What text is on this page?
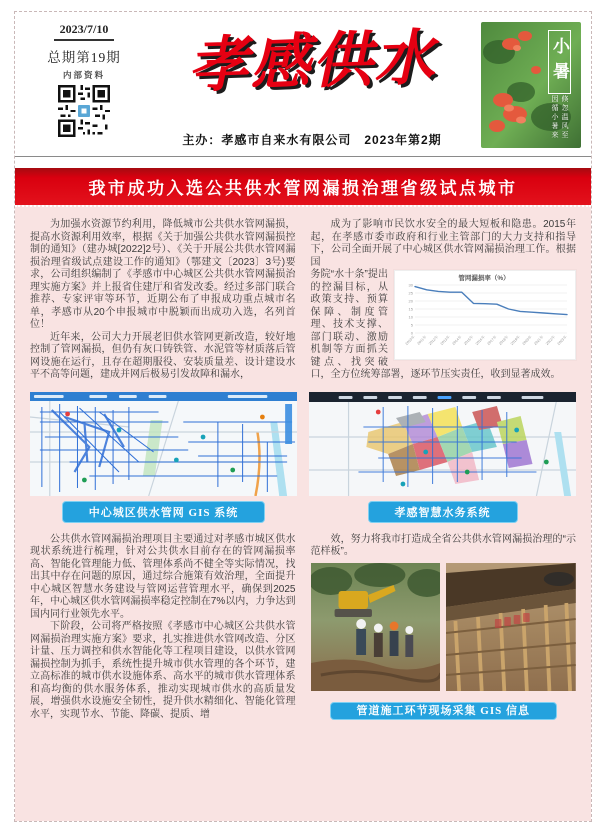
2023/7/10
总期第19期
内部资料 孝感供水
主办：孝感市自来水有限公司　2023年第2期
小暑
倏忽温风至
因循小暑来
我市成功入选公共供水管网漏损治理省级试点城市

为加强水资源节约利用，降低城市公共供水管网漏损，提高水资源利用效率，根据《关于加强公共供水管网漏损控制的通知》（建办城[2022]2号）、《关于开展公共供水管网漏损治理省级试点建设工作的通知》（鄂建文〔2023〕3号)要求，公司组织编制了《孝感市中心城区公共供水管网漏损治理实施方案》并上报省住建厅和省发改委。经过多部门联合推荐、专家评审等环节，近期公布了申报成功重点城市名单，孝感市从20个申报城市中脱颖而出成功入选，名列首位！

近年来，公司大力开展老旧供水管网更新改造，较好地控制了管网漏损，但仍有灰口铸铁管、水泥管等材质落后管网设施在运行，且存在超期服役、安装质量差、设计建设水平不高等问题，建成并网后极易引发故障和漏水，

成为了影响市民饮水安全的最大短板和隐患。2015年起，在孝感市委市政府和行业主管部门的大力支持和指导下，公司全面开展了中心城区供水管网漏损治理工作。根据国

管网漏损率（%）
0
5
10
15
20
25
30
2010年 2011年 2012年 2013年 2014年 2015年 2016年 2017年 2018年 2019年 2020年 2021年 2022年 2023年
务院“水十条”提出的控漏目标，从政策支持、预算保障、制度管理、技术支撑、部门联动、激励机制等方面抓关键点、找突破口，全方位统筹部署，逐环节压实责任，收到显著成效。
中心城区供水管网 GIS 系统	孝感智慧水务系统

公共供水管网漏损治理项目主要通过对孝感市城区供水现状系统进行梳理，针对公共供水目前存在的管网漏损率高、智能化管理能力低、管理体系尚不健全等实际情况，找出其中存在问题的原因，通过综合施策有效治理，全面提升中心城区智慧水务建设与管网运营管理水平，确保到2025年，中心城区供水管网漏损率稳定控制在7%以内，力争达到国内同行业领先水平。

下阶段，公司将严格按照《孝感市中心城区公共供水管网漏损治理实施方案》要求，扎实推进供水管网改造、分区计量、压力调控和供水智能化等工程项目建设，以供水管网漏损控制为抓手，系统性提升城市供水管理的各个环节，建立高标准的城市供水设施体系、高水平的城市供水管理体系和高均衡的供水服务体系，推动实现城市供水的高质量发展，增强供水设施安全韧性，提升供水精细化、智能化管理水平，实现节水、节能、降碳、提质、增

效，努力将我市打造成全省公共供水管网漏损治理的“示范样板”。

管道施工环节现场采集 GIS 信息
